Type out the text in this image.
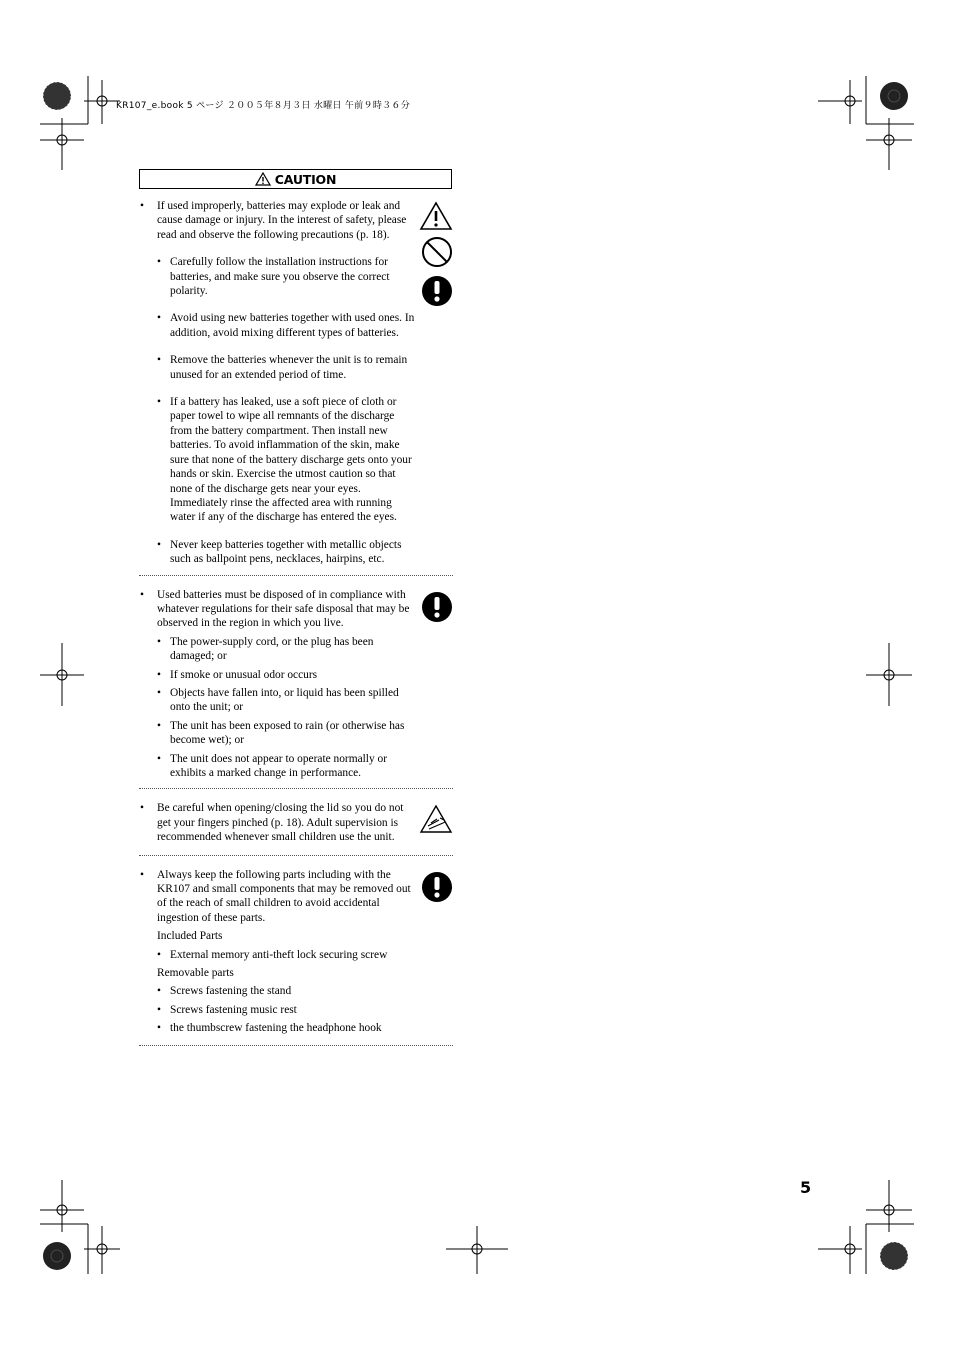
KR107_e.book 5 ページ ２００５年８月３日 水曜日 午前９時３６分
CAUTION
• If used improperly, batteries may explode or leak and cause damage or injury. In the interest of safety, please read and observe the following precautions (p. 18).
• Carefully follow the installation instructions for batteries, and make sure you observe the correct polarity.
• Avoid using new batteries together with used ones. In addition, avoid mixing different types of batteries.
• Remove the batteries whenever the unit is to remain unused for an extended period of time.
• If a battery has leaked, use a soft piece of cloth or paper towel to wipe all remnants of the discharge from the battery compartment. Then install new batteries. To avoid inflammation of the skin, make sure that none of the battery discharge gets onto your hands or skin. Exercise the utmost caution so that none of the discharge gets near your eyes. Immediately rinse the affected area with running water if any of the discharge has entered the eyes.
• Never keep batteries together with metallic objects such as ballpoint pens, necklaces, hairpins, etc.
• Used batteries must be disposed of in compliance with whatever regulations for their safe disposal that may be observed in the region in which you live.
• The power-supply cord, or the plug has been damaged; or
• If smoke or unusual odor occurs
• Objects have fallen into, or liquid has been spilled onto the unit; or
• The unit has been exposed to rain (or otherwise has become wet); or
• The unit does not appear to operate normally or exhibits a marked change in performance.
• Be careful when opening/closing the lid so you do not get your fingers pinched (p. 18). Adult supervision is recommended whenever small children use the unit.
• Always keep the following parts including with the KR107 and small components that may be removed out of the reach of small children to avoid accidental ingestion of these parts.
Included Parts
• External memory anti-theft lock securing screw
Removable parts
• Screws fastening the stand
• Screws fastening music rest
• the thumbscrew fastening the headphone hook
5
